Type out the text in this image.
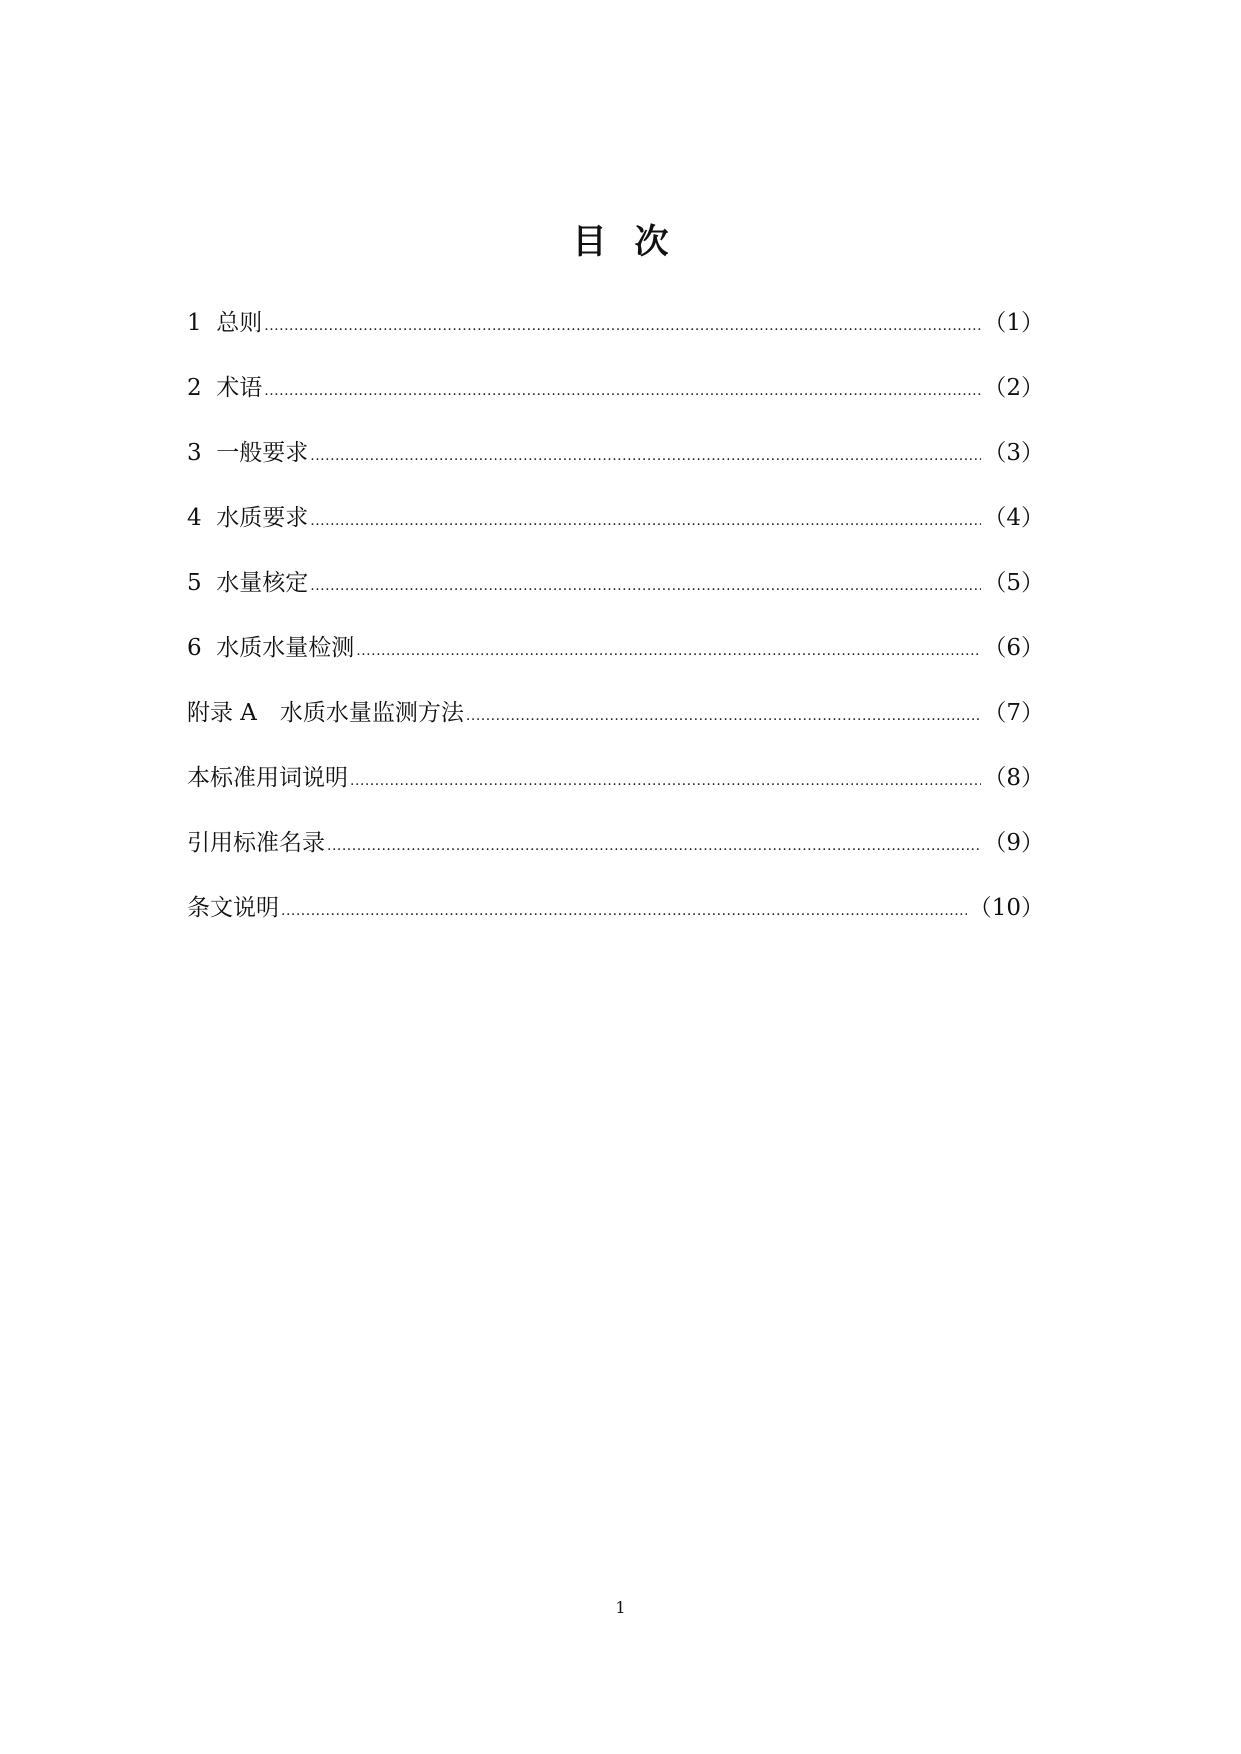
目 次
1  总则 .....	（1）
2  术语 .....	（2）
3  一般要求 .....	（3）
4  水质要求 .....	（4）
5  水量核定 .....	（5）
6  水质水量检测 .....	（6）
附录 A　水质水量监测方法 .....	（7）
本标准用词说明 .....	（8）
引用标准名录 .....	（9）
条文说明 .....	（10）
1
